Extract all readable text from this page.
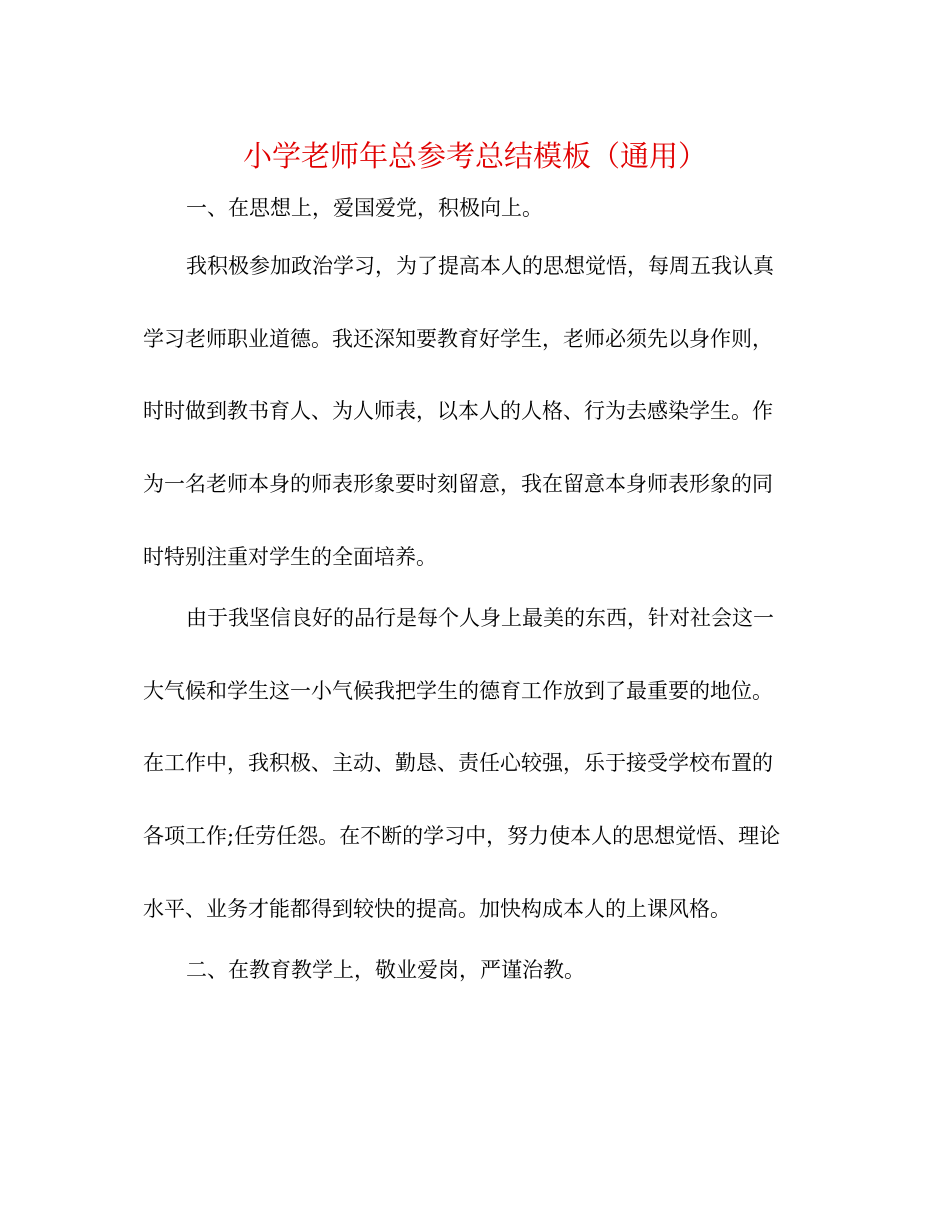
小学老师年总参考总结模板（通用）
一、在思想上，爱国爱党，积极向上。
我积极参加政治学习，为了提高本人的思想觉悟，每周五我认真
学习老师职业道德。我还深知要教育好学生，老师必须先以身作则，
时时做到教书育人、为人师表，以本人的人格、行为去感染学生。作
为一名老师本身的师表形象要时刻留意，我在留意本身师表形象的同
时特别注重对学生的全面培养。
由于我坚信良好的品行是每个人身上最美的东西，针对社会这一
大气候和学生这一小气候我把学生的德育工作放到了最重要的地位。
在工作中，我积极、主动、勤恳、责任心较强，乐于接受学校布置的
各项工作;任劳任怨。在不断的学习中，努力使本人的思想觉悟、理论
水平、业务才能都得到较快的提高。加快构成本人的上课风格。
二、在教育教学上，敬业爱岗，严谨治教。
